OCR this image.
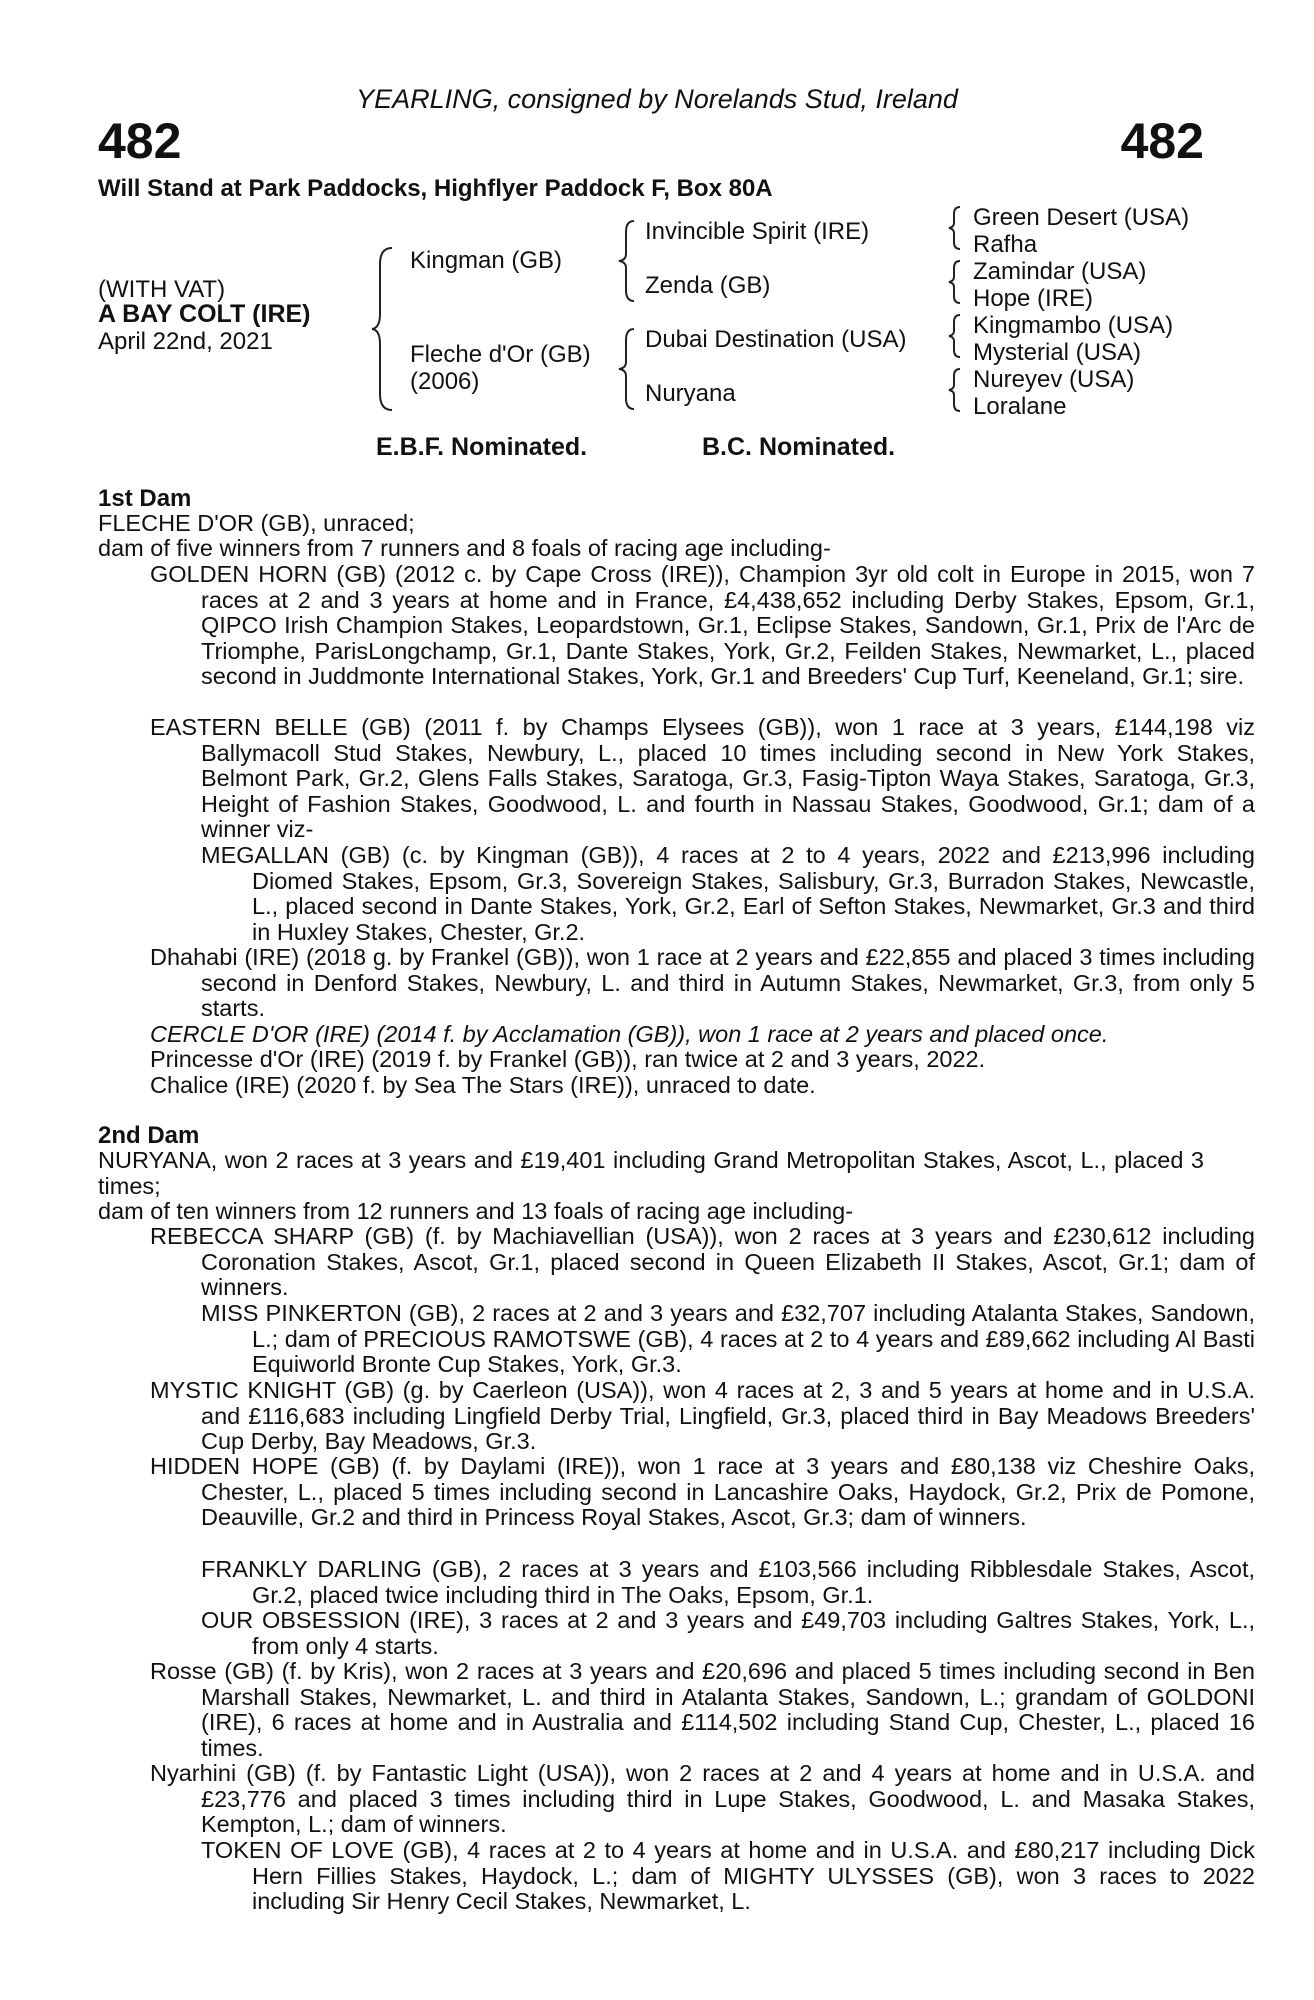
YEARLING, consigned by Norelands Stud, Ireland
482	482
Will Stand at Park Paddocks, Highflyer Paddock F, Box 80A
(WITH VAT)
A BAY COLT (IRE)
April 22nd, 2021
Kingman (GB)
Fleche d'Or (GB)
(2006)
Invincible Spirit (IRE)
Zenda (GB)
Dubai Destination (USA)
Nuryana
Green Desert (USA)
Rafha
Zamindar (USA)
Hope (IRE)
Kingmambo (USA)
Mysterial (USA)
Nureyev (USA)
Loralane
E.B.F. Nominated.	B.C. Nominated.
1st Dam
FLECHE D'OR (GB), unraced;
dam of five winners from 7 runners and 8 foals of racing age including-
GOLDEN HORN (GB) (2012 c. by Cape Cross (IRE)), Champion 3yr old colt in Europe in 2015, won 7 races at 2 and 3 years at home and in France, £4,438,652 including Derby Stakes, Epsom, Gr.1, QIPCO Irish Champion Stakes, Leopardstown, Gr.1, Eclipse Stakes, Sandown, Gr.1, Prix de l'Arc de Triomphe, ParisLongchamp, Gr.1, Dante Stakes, York, Gr.2, Feilden Stakes, Newmarket, L., placed second in Juddmonte International Stakes, York, Gr.1 and Breeders' Cup Turf, Keeneland, Gr.1; sire.
EASTERN BELLE (GB) (2011 f. by Champs Elysees (GB)), won 1 race at 3 years, £144,198 viz Ballymacoll Stud Stakes, Newbury, L., placed 10 times including second in New York Stakes, Belmont Park, Gr.2, Glens Falls Stakes, Saratoga, Gr.3, Fasig-Tipton Waya Stakes, Saratoga, Gr.3, Height of Fashion Stakes, Goodwood, L. and fourth in Nassau Stakes, Goodwood, Gr.1; dam of a winner viz-
MEGALLAN (GB) (c. by Kingman (GB)), 4 races at 2 to 4 years, 2022 and £213,996 including Diomed Stakes, Epsom, Gr.3, Sovereign Stakes, Salisbury, Gr.3, Burradon Stakes, Newcastle, L., placed second in Dante Stakes, York, Gr.2, Earl of Sefton Stakes, Newmarket, Gr.3 and third in Huxley Stakes, Chester, Gr.2.
Dhahabi (IRE) (2018 g. by Frankel (GB)), won 1 race at 2 years and £22,855 and placed 3 times including second in Denford Stakes, Newbury, L. and third in Autumn Stakes, Newmarket, Gr.3, from only 5 starts.
CERCLE D'OR (IRE) (2014 f. by Acclamation (GB)), won 1 race at 2 years and placed once.
Princesse d'Or (IRE) (2019 f. by Frankel (GB)), ran twice at 2 and 3 years, 2022.
Chalice (IRE) (2020 f. by Sea The Stars (IRE)), unraced to date.
2nd Dam
NURYANA, won 2 races at 3 years and £19,401 including Grand Metropolitan Stakes, Ascot, L., placed 3 times;
dam of ten winners from 12 runners and 13 foals of racing age including-
REBECCA SHARP (GB) (f. by Machiavellian (USA)), won 2 races at 3 years and £230,612 including Coronation Stakes, Ascot, Gr.1, placed second in Queen Elizabeth II Stakes, Ascot, Gr.1; dam of winners.
MISS PINKERTON (GB), 2 races at 2 and 3 years and £32,707 including Atalanta Stakes, Sandown, L.; dam of PRECIOUS RAMOTSWE (GB), 4 races at 2 to 4 years and £89,662 including Al Basti Equiworld Bronte Cup Stakes, York, Gr.3.
MYSTIC KNIGHT (GB) (g. by Caerleon (USA)), won 4 races at 2, 3 and 5 years at home and in U.S.A. and £116,683 including Lingfield Derby Trial, Lingfield, Gr.3, placed third in Bay Meadows Breeders' Cup Derby, Bay Meadows, Gr.3.
HIDDEN HOPE (GB) (f. by Daylami (IRE)), won 1 race at 3 years and £80,138 viz Cheshire Oaks, Chester, L., placed 5 times including second in Lancashire Oaks, Haydock, Gr.2, Prix de Pomone, Deauville, Gr.2 and third in Princess Royal Stakes, Ascot, Gr.3; dam of winners.
FRANKLY DARLING (GB), 2 races at 3 years and £103,566 including Ribblesdale Stakes, Ascot, Gr.2, placed twice including third in The Oaks, Epsom, Gr.1.
OUR OBSESSION (IRE), 3 races at 2 and 3 years and £49,703 including Galtres Stakes, York, L., from only 4 starts.
Rosse (GB) (f. by Kris), won 2 races at 3 years and £20,696 and placed 5 times including second in Ben Marshall Stakes, Newmarket, L. and third in Atalanta Stakes, Sandown, L.; grandam of GOLDONI (IRE), 6 races at home and in Australia and £114,502 including Stand Cup, Chester, L., placed 16 times.
Nyarhini (GB) (f. by Fantastic Light (USA)), won 2 races at 2 and 4 years at home and in U.S.A. and £23,776 and placed 3 times including third in Lupe Stakes, Goodwood, L. and Masaka Stakes, Kempton, L.; dam of winners.
TOKEN OF LOVE (GB), 4 races at 2 to 4 years at home and in U.S.A. and £80,217 including Dick Hern Fillies Stakes, Haydock, L.; dam of MIGHTY ULYSSES (GB), won 3 races to 2022 including Sir Henry Cecil Stakes, Newmarket, L.
